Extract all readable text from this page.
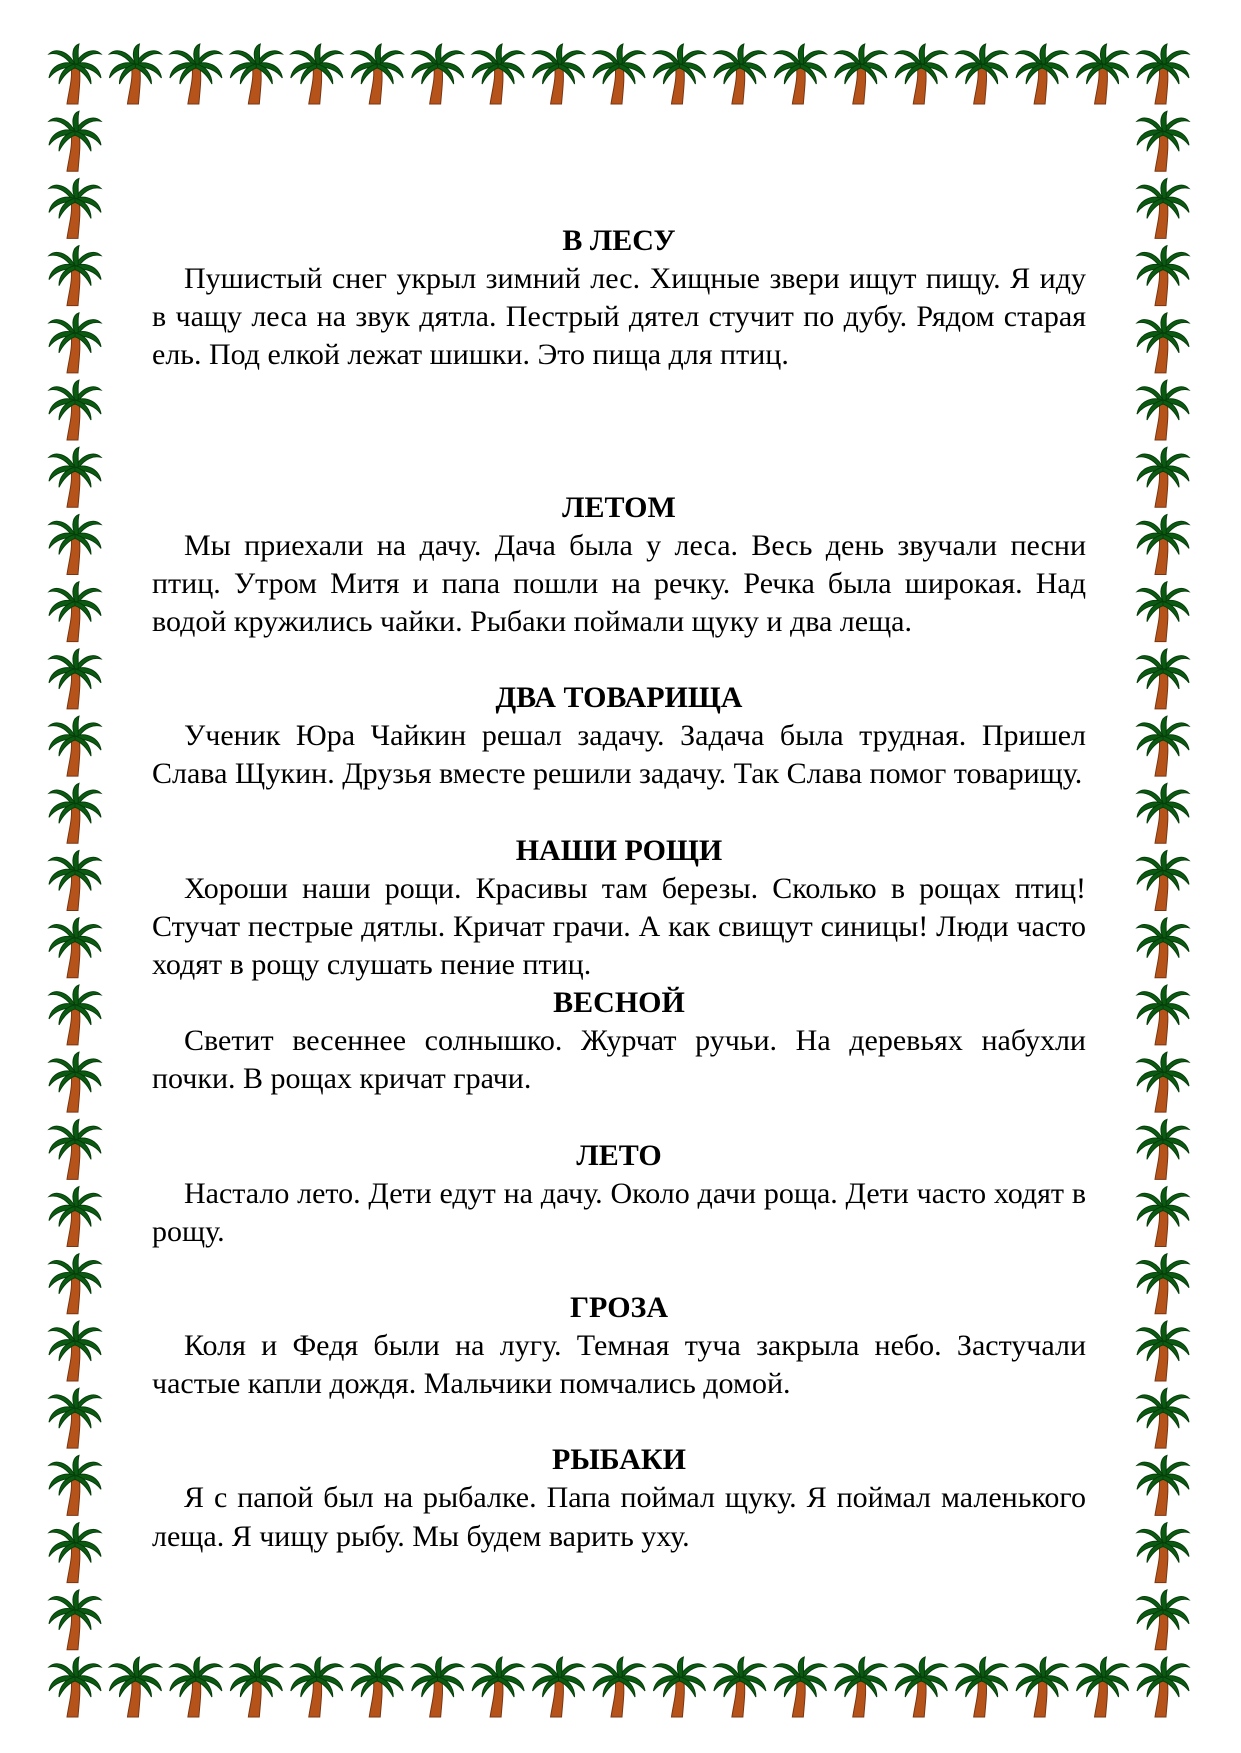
В ЛЕСУ

Пушистый снег укрыл зимний лес. Хищные звери ищут пищу. Я иду в чащу леса на звук дятла. Пестрый дятел стучит по дубу. Рядом старая ель. Под елкой лежат шишки. Это пища для птиц.

ЛЕТОМ

Мы приехали на дачу. Дача была у леса. Весь день звучали песни птиц. Утром Митя и папа пошли на речку. Речка была широкая. Над водой кружились чайки. Рыбаки поймали щуку и два леща.

ДВА ТОВАРИЩА

Ученик Юра Чайкин решал задачу. Задача была трудная. Пришел Слава Щукин. Друзья вместе решили задачу. Так Слава помог товарищу.

НАШИ РОЩИ

Хороши наши рощи. Красивы там березы. Сколько в рощах птиц! Стучат пестрые дятлы. Кричат грачи. А как свищут синицы! Люди часто ходят в рощу слушать пение птиц.

ВЕСНОЙ

Светит весеннее солнышко. Журчат ручьи. На деревьях набухли почки. В рощах кричат грачи.

ЛЕТО

Настало лето. Дети едут на дачу. Около дачи роща. Дети часто ходят в рощу.

ГРОЗА

Коля и Федя были на лугу. Темная туча закрыла небо. Застучали частые капли дождя. Мальчики помчались домой.

РЫБАКИ

Я с папой был на рыбалке. Папа поймал щуку. Я поймал маленького леща. Я чищу рыбу. Мы будем варить уху.
